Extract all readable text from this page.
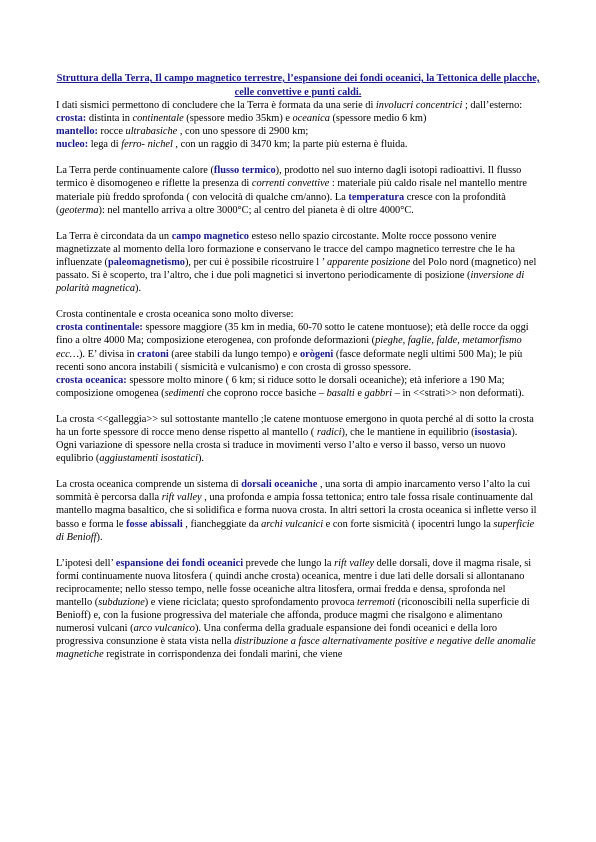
Struttura della Terra, Il campo magnetico terrestre, l’espansione dei fondi oceanici, la Tettonica delle placche, celle convettive e punti caldi.

I dati sismici permettono di concludere che la Terra è formata da una serie di involucri concentrici ; dall’esterno:
crosta: distinta in continentale (spessore medio 35km) e oceanica (spessore medio 6 km)
mantello: rocce ultrabasiche , con uno spessore di 2900 km;
nucleo: lega di ferro- nichel , con un raggio di 3470 km; la parte più esterna è fluida.

La Terra perde continuamente calore (flusso termico), prodotto nel suo interno dagli isotopi radioattivi. Il flusso termico è disomogeneo e riflette la presenza di correnti convettive : materiale più caldo risale nel mantello mentre materiale più freddo sprofonda ( con velocità di qualche cm/anno). La temperatura cresce con la profondità (geoterma): nel mantello arriva a oltre 3000°C; al centro del pianeta è di oltre 4000°C.

La Terra è circondata da un campo magnetico esteso nello spazio circostante. Molte rocce possono venire magnetizzate al momento della loro formazione e conservano le tracce del campo magnetico terrestre che le ha influenzate (paleomagnetismo), per cui è possibile ricostruire l ’ apparente posizione del Polo nord (magnetico) nel passato. Si è scoperto, tra l’altro, che i due poli magnetici si invertono periodicamente di posizione (inversione di polarità magnetica).

Crosta continentale e crosta oceanica sono molto diverse:
crosta continentale: spessore maggiore (35 km in media, 60-70 sotto le catene montuose); età delle rocce da oggi fino a oltre 4000 Ma; composizione eterogenea, con profonde deformazioni (pieghe, faglie, falde, metamorfismo ecc…). E’ divisa in cratoni (aree stabili da lungo tempo) e orògeni (fasce deformate negli ultimi 500 Ma); le più recenti sono ancora instabili ( sismicità e vulcanismo) e con crosta di grosso spessore.
crosta oceanica: spessore molto minore ( 6 km; si riduce sotto le dorsali oceaniche); età inferiore a 190 Ma; composizione omogenea (sedimenti che coprono rocce basiche – basalti e gabbri – in <<strati>> non deformati).

La crosta <<galleggia>> sul sottostante mantello ;le catene montuose emergono in quota perché al di sotto la crosta ha un forte spessore di rocce meno dense rispetto al mantello ( radici), che le mantiene in equilibrio (isostasia). Ogni variazione di spessore nella crosta si traduce in movimenti verso l’alto e verso il basso, verso un nuovo equlibrio (aggiustamenti isostatici).

La crosta oceanica comprende un sistema di dorsali oceaniche , una sorta di ampio inarcamento verso l’alto la cui sommità è percorsa dalla rift valley , una profonda e ampia fossa tettonica; entro tale fossa risale continuamente dal mantello magma basaltico, che si solidifica e forma nuova crosta. In altri settori la crosta oceanica si inflette verso il basso e forma le fosse abissali , fiancheggiate da archi vulcanici e con forte sismicità ( ipocentri lungo la superficie di Benioff).

L’ipotesi dell’ espansione dei fondi oceanici prevede che lungo la rift valley delle dorsali, dove il magma risale, si formi continuamente nuova litosfera ( quindi anche crosta) oceanica, mentre i due lati delle dorsali si allontanano reciprocamente; nello stesso tempo, nelle fosse oceaniche altra litosfera, ormai fredda e densa, sprofonda nel mantello (subduzione) e viene riciclata; questo sprofondamento provoca terremoti (riconoscibili nella superficie di Benioff) e, con la fusione progressiva del materiale che affonda, produce magmi che risalgono e alimentano numerosi vulcani (arco vulcanico). Una conferma della graduale espansione dei fondi oceanici e della loro progressiva consunzione è stata vista nella distribuzione a fasce alternativamente positive e negative delle anomalie magnetiche registrate in corrispondenza dei fondali marini, che viene
